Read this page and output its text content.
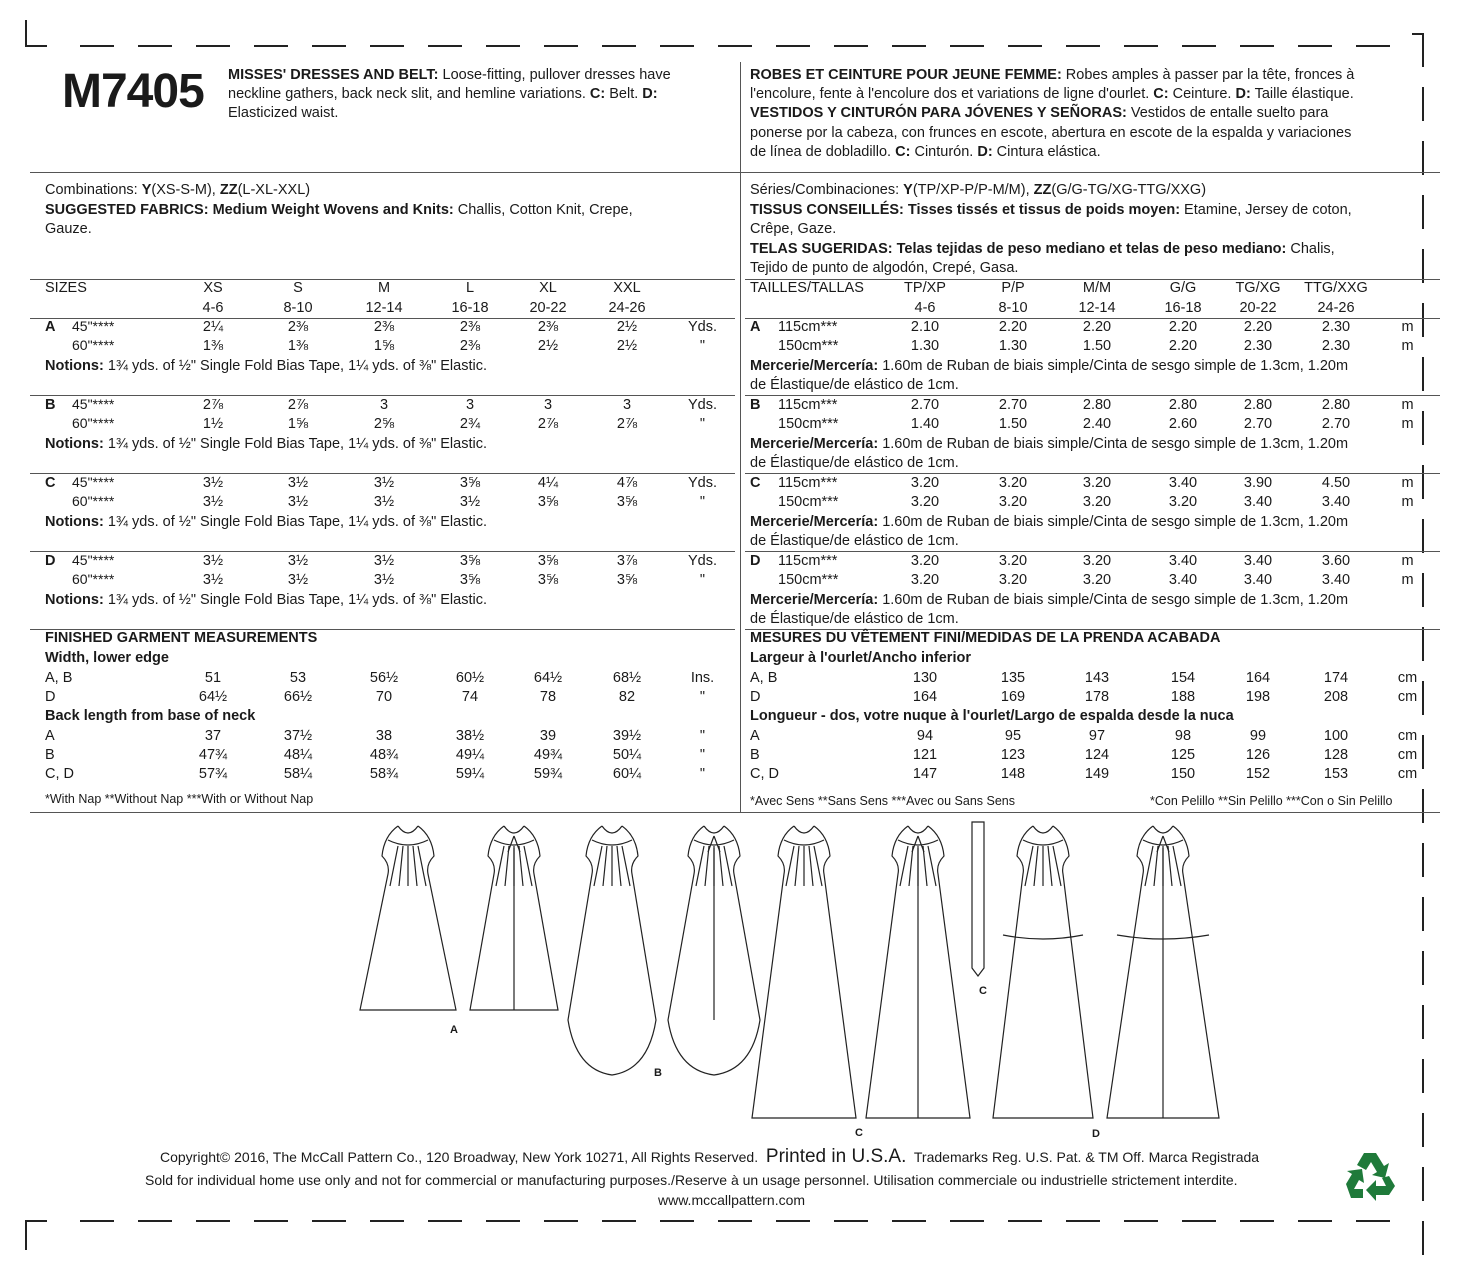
M7405 MISSES' DRESSES AND BELT: Loose-fitting, pullover dresses have
neckline gathers, back neck slit, and hemline variations. C: Belt. D:
Elasticized waist.
ROBES ET CEINTURE POUR JEUNE FEMME: Robes amples à passer par la tête, fronces à
l'encolure, fente à l'encolure dos et variations de ligne d'ourlet. C: Ceinture. D: Taille élastique.
VESTIDOS Y CINTURÓN PARA JÓVENES Y SEÑORAS: Vestidos de entalle suelto para
ponerse por la cabeza, con frunces en escote, abertura en escote de la espalda y variaciones
de línea de dobladillo. C: Cinturón. D: Cintura elástica.
Combinations: Y(XS-S-M), ZZ(L-XL-XXL)
SUGGESTED FABRICS: Medium Weight Wovens and Knits: Challis, Cotton Knit, Crepe,
Gauze.
Séries/Combinaciones: Y(TP/XP-P/P-M/M), ZZ(G/G-TG/XG-TTG/XXG)
TISSUS CONSEILLÉS: Tisses tissés et tissus de poids moyen: Etamine, Jersey de coton,
Crêpe, Gaze.
TELAS SUGERIDAS: Telas tejidas de peso mediano et telas de peso mediano: Chalis,
Tejido de punto de algodón, Crepé, Gasa.
SIZES	XS	S	M	L	XL	XXL
4-6	8-10	12-14	16-18	20-22	24-26
TAILLES/TALLAS	TP/XP	P/P	M/M	G/G	TG/XG	TTG/XXG
4-6	8-10	12-14	16-18	20-22	24-26
A 45"****	2¼	2⅜	2⅜	2⅜	2⅜	2½	Yds.
60"****	1⅜	1⅜	1⅝	2⅜	2½	2½	"
Notions: 1¾ yds. of ½" Single Fold Bias Tape, 1¼ yds. of ⅜" Elastic.
B 45"****	2⅞	2⅞	3	3	3	3	Yds.
60"****	1½	1⅝	2⅝	2¾	2⅞	2⅞	"
Notions: 1¾ yds. of ½" Single Fold Bias Tape, 1¼ yds. of ⅜" Elastic.
C 45"****	3½	3½	3½	3⅝	4¼	4⅞	Yds.
60"****	3½	3½	3½	3½	3⅝	3⅝	"
Notions: 1¾ yds. of ½" Single Fold Bias Tape, 1¼ yds. of ⅜" Elastic.
D 45"****	3½	3½	3½	3⅝	3⅝	3⅞	Yds.
60"****	3½	3½	3½	3⅝	3⅝	3⅝	"
Notions: 1¾ yds. of ½" Single Fold Bias Tape, 1¼ yds. of ⅜" Elastic.
A 115cm***	2.10	2.20	2.20	2.20	2.20	2.30	m
150cm***	1.30	1.30	1.50	2.20	2.30	2.30	m
Mercerie/Mercería: 1.60m de Ruban de biais simple/Cinta de sesgo simple de 1.3cm, 1.20m
de Élastique/de elástico de 1cm.
B 115cm***	2.70	2.70	2.80	2.80	2.80	2.80	m
150cm***	1.40	1.50	2.40	2.60	2.70	2.70	m
Mercerie/Mercería: 1.60m de Ruban de biais simple/Cinta de sesgo simple de 1.3cm, 1.20m
de Élastique/de elástico de 1cm.
C 115cm***	3.20	3.20	3.20	3.40	3.90	4.50	m
150cm***	3.20	3.20	3.20	3.20	3.40	3.40	m
Mercerie/Mercería: 1.60m de Ruban de biais simple/Cinta de sesgo simple de 1.3cm, 1.20m
de Élastique/de elástico de 1cm.
D 115cm***	3.20	3.20	3.20	3.40	3.40	3.60	m
150cm***	3.20	3.20	3.20	3.40	3.40	3.40	m
Mercerie/Mercería: 1.60m de Ruban de biais simple/Cinta de sesgo simple de 1.3cm, 1.20m
de Élastique/de elástico de 1cm.
FINISHED GARMENT MEASUREMENTS
Width, lower edge
A, B	51	53	56½	60½	64½	68½	Ins.
D	64½	66½	70	74	78	82	"
Back length from base of neck
A	37	37½	38	38½	39	39½	"
B	47¾	48¼	48¾	49¼	49¾	50¼	"
C, D	57¾	58¼	58¾	59¼	59¾	60¼	"
*With Nap **Without Nap ***With or Without Nap
MESURES DU VÊTEMENT FINI/MEDIDAS DE LA PRENDA ACABADA
Largeur à l'ourlet/Ancho inferior
A, B	130	135	143	154	164	174	cm
D	164	169	178	188	198	208	cm
Longueur - dos, votre nuque à l'ourlet/Largo de espalda desde la nuca
A	94	95	97	98	99	100	cm
B	121	123	124	125	126	128	cm
C, D	147	148	149	150	152	153	cm
*Avec Sens **Sans Sens ***Avec ou Sans Sens	*Con Pelillo **Sin Pelillo ***Con o Sin Pelillo
A
B
C
C	D
Copyright© 2016, The McCall Pattern Co., 120 Broadway, New York 10271, All Rights Reserved. Printed in U.S.A. Trademarks Reg. U.S. Pat. & TM Off. Marca Registrada
Sold for individual home use only and not for commercial or manufacturing purposes./Reserve à un usage personnel. Utilisation commerciale ou industrielle strictement interdite.
www.mccallpattern.com
